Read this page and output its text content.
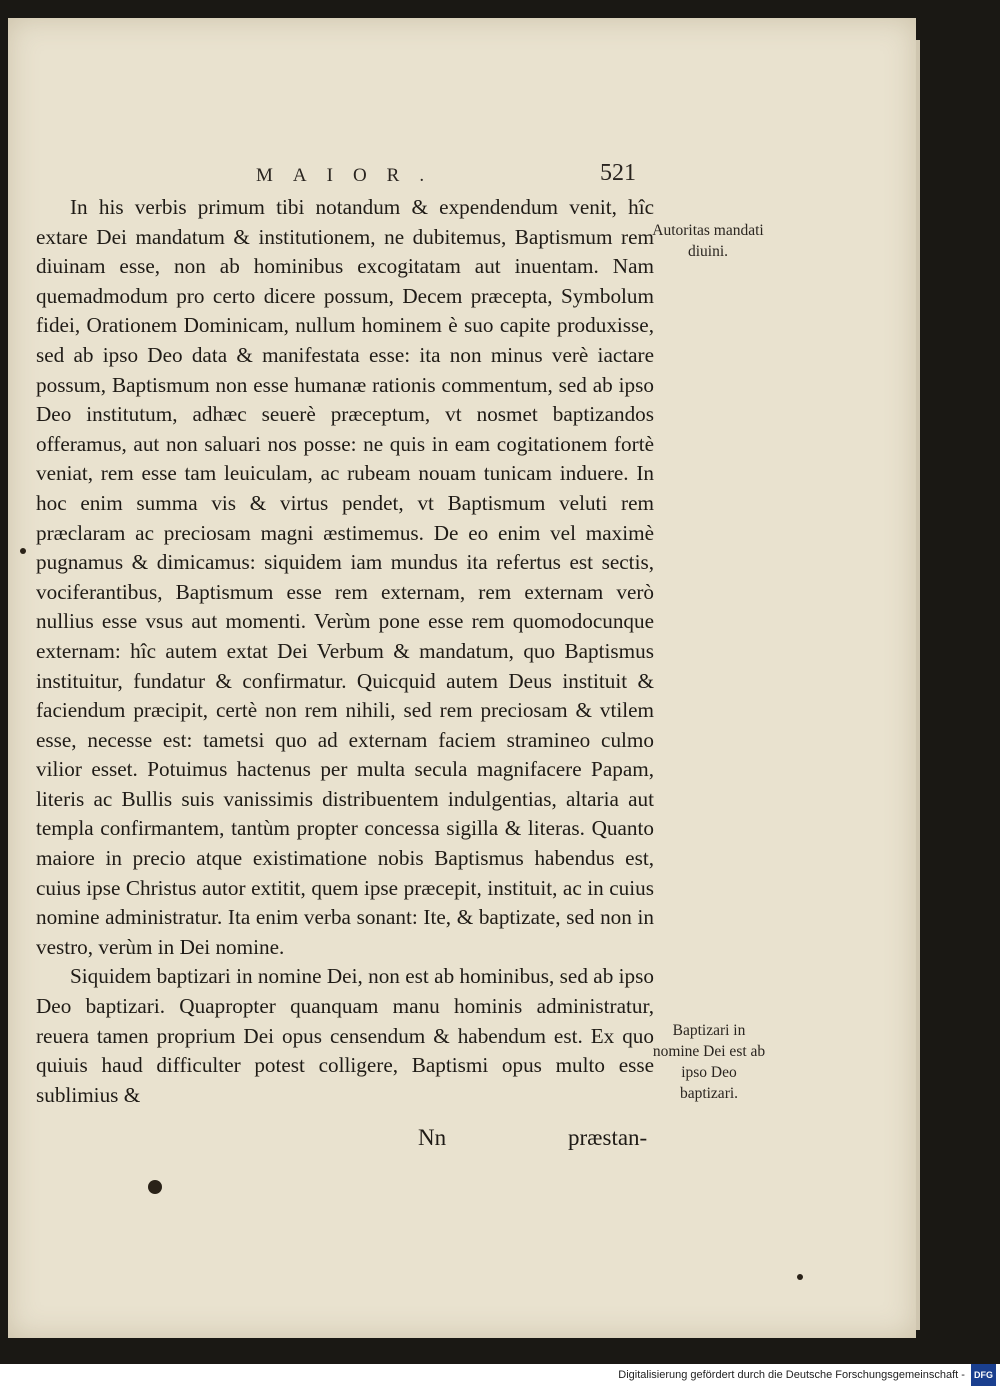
MAIOR.	521

In his verbis primum tibi notandum & expendendum venit, hîc extare Dei mandatum & institutionem, ne dubitemus, Baptismum rem diuinam esse, non ab hominibus excogitatam aut inuentam. Nam quemadmodum pro certo dicere possum, Decem præcepta, Symbolum fidei, Orationem Dominicam, nullum hominem è suo capite produxisse, sed ab ipso Deo data & manifestata esse: ita non minus verè iactare possum, Baptismum non esse humanæ rationis commentum, sed ab ipso Deo institutum, adhæc seuerè præceptum, vt nosmet baptizandos offeramus, aut non saluari nos posse: ne quis in eam cogitationem fortè veniat, rem esse tam leuiculam, ac rubeam nouam tunicam induere. In hoc enim summa vis & virtus pendet, vt Baptismum veluti rem præclaram ac preciosam magni æstimemus. De eo enim vel maximè pugnamus & dimicamus: siquidem iam mundus ita refertus est sectis, vociferantibus, Baptismum esse rem externam, rem externam verò nullius esse vsus aut momenti. Verùm pone esse rem quomodocunque externam: hîc autem extat Dei Verbum & mandatum, quo Baptismus instituitur, fundatur & confirmatur. Quicquid autem Deus instituit & faciendum præcipit, certè non rem nihili, sed rem preciosam & vtilem esse, necesse est: tametsi quo ad externam faciem stramineo culmo vilior esset. Potuimus hactenus per multa secula magnifacere Papam, literis ac Bullis suis vanissimis distribuentem indulgentias, altaria aut templa confirmantem, tantùm propter concessa sigilla & literas. Quanto maiore in precio atque existimatione nobis Baptismus habendus est, cuius ipse Christus autor extitit, quem ipse præcepit, instituit, ac in cuius nomine administratur. Ita enim verba sonant: Ite, & baptizate, sed non in vestro, verùm in Dei nomine.

Siquidem baptizari in nomine Dei, non est ab hominibus, sed ab ipso Deo baptizari. Quapropter quanquam manu hominis administratur, reuera tamen proprium Dei opus censendum & habendum est. Ex quo quiuis haud difficulter potest colligere, Baptismi opus multo esse sublimius &

Nn	præstan-
Autoritas mandati diuini.
Baptizari in nomine Dei est ab ipso Deo baptizari.
Digitalisierung gefördert durch die Deutsche Forschungsgemeinschaft - DFG
